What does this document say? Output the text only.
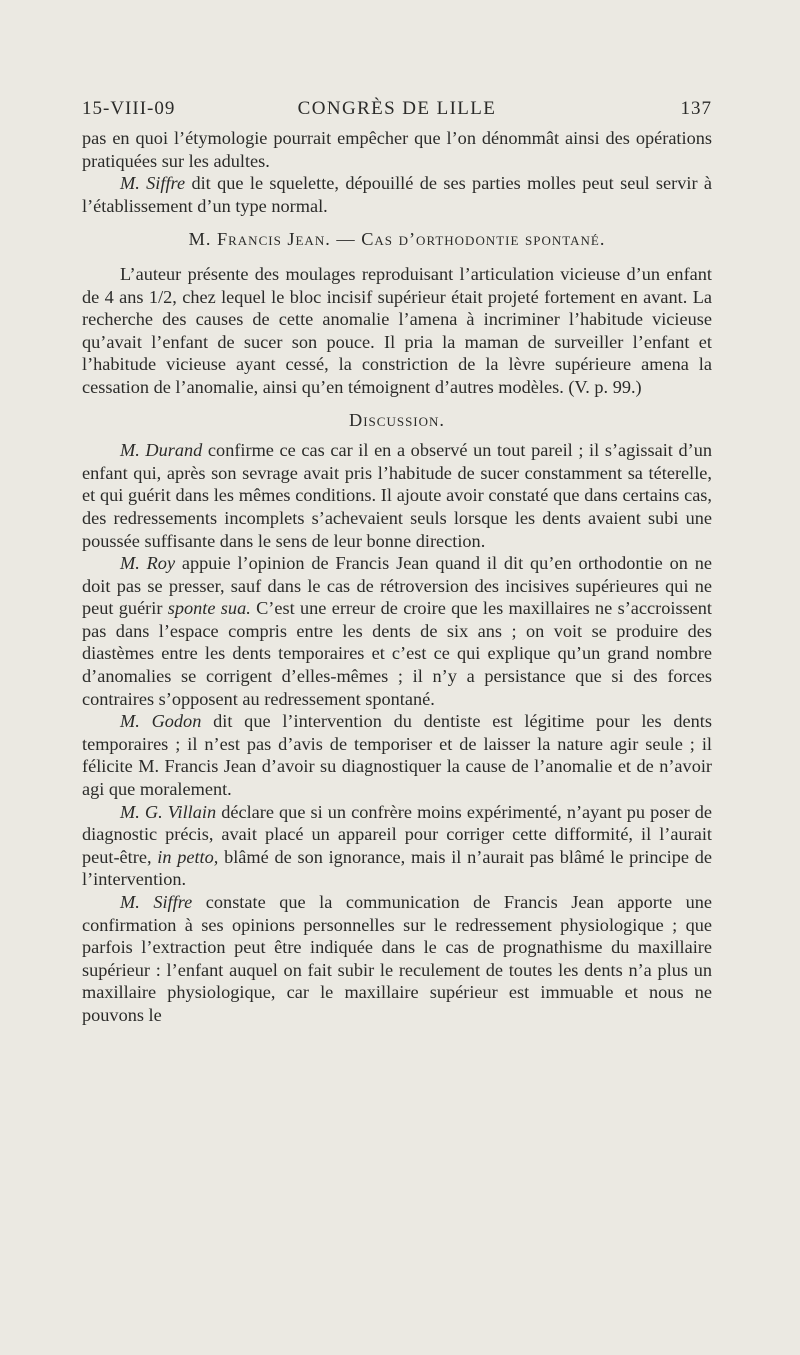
15-VIII-09	CONGRÈS DE LILLE	137

pas en quoi l’étymologie pourrait empêcher que l’on dénommât ainsi des opérations pratiquées sur les adultes.

M. Siffre dit que le squelette, dépouillé de ses parties molles peut seul servir à l’établissement d’un type normal.

M. Francis Jean. — Cas d’orthodontie spontané.

L’auteur présente des moulages reproduisant l’articulation vicieuse d’un enfant de 4 ans 1/2, chez lequel le bloc incisif supérieur était projeté fortement en avant. La recherche des causes de cette anomalie l’amena à incriminer l’habitude vicieuse qu’avait l’enfant de sucer son pouce. Il pria la maman de surveiller l’enfant et l’habitude vicieuse ayant cessé, la constriction de la lèvre supérieure amena la cessation de l’anomalie, ainsi qu’en témoignent d’autres modèles. (V. p. 99.)

Discussion.

M. Durand confirme ce cas car il en a observé un tout pareil ; il s’agissait d’un enfant qui, après son sevrage avait pris l’habitude de sucer constamment sa téterelle, et qui guérit dans les mêmes conditions. Il ajoute avoir constaté que dans certains cas, des redressements incomplets s’achevaient seuls lorsque les dents avaient subi une poussée suffisante dans le sens de leur bonne direction.

M. Roy appuie l’opinion de Francis Jean quand il dit qu’en orthodontie on ne doit pas se presser, sauf dans le cas de rétroversion des incisives supérieures qui ne peut guérir sponte sua. C’est une erreur de croire que les maxillaires ne s’accroissent pas dans l’espace compris entre les dents de six ans ; on voit se produire des diastèmes entre les dents temporaires et c’est ce qui explique qu’un grand nombre d’anomalies se corrigent d’elles-mêmes ; il n’y a persistance que si des forces contraires s’opposent au redressement spontané.

M. Godon dit que l’intervention du dentiste est légitime pour les dents temporaires ; il n’est pas d’avis de temporiser et de laisser la nature agir seule ; il félicite M. Francis Jean d’avoir su diagnostiquer la cause de l’anomalie et de n’avoir agi que moralement.

M. G. Villain déclare que si un confrère moins expérimenté, n’ayant pu poser de diagnostic précis, avait placé un appareil pour corriger cette difformité, il l’aurait peut-être, in petto, blâmé de son ignorance, mais il n’aurait pas blâmé le principe de l’intervention.

M. Siffre constate que la communication de Francis Jean apporte une confirmation à ses opinions personnelles sur le redressement physiologique ; que parfois l’extraction peut être indiquée dans le cas de prognathisme du maxillaire supérieur : l’enfant auquel on fait subir le reculement de toutes les dents n’a plus un maxillaire physiologique, car le maxillaire supérieur est immuable et nous ne pouvons le
